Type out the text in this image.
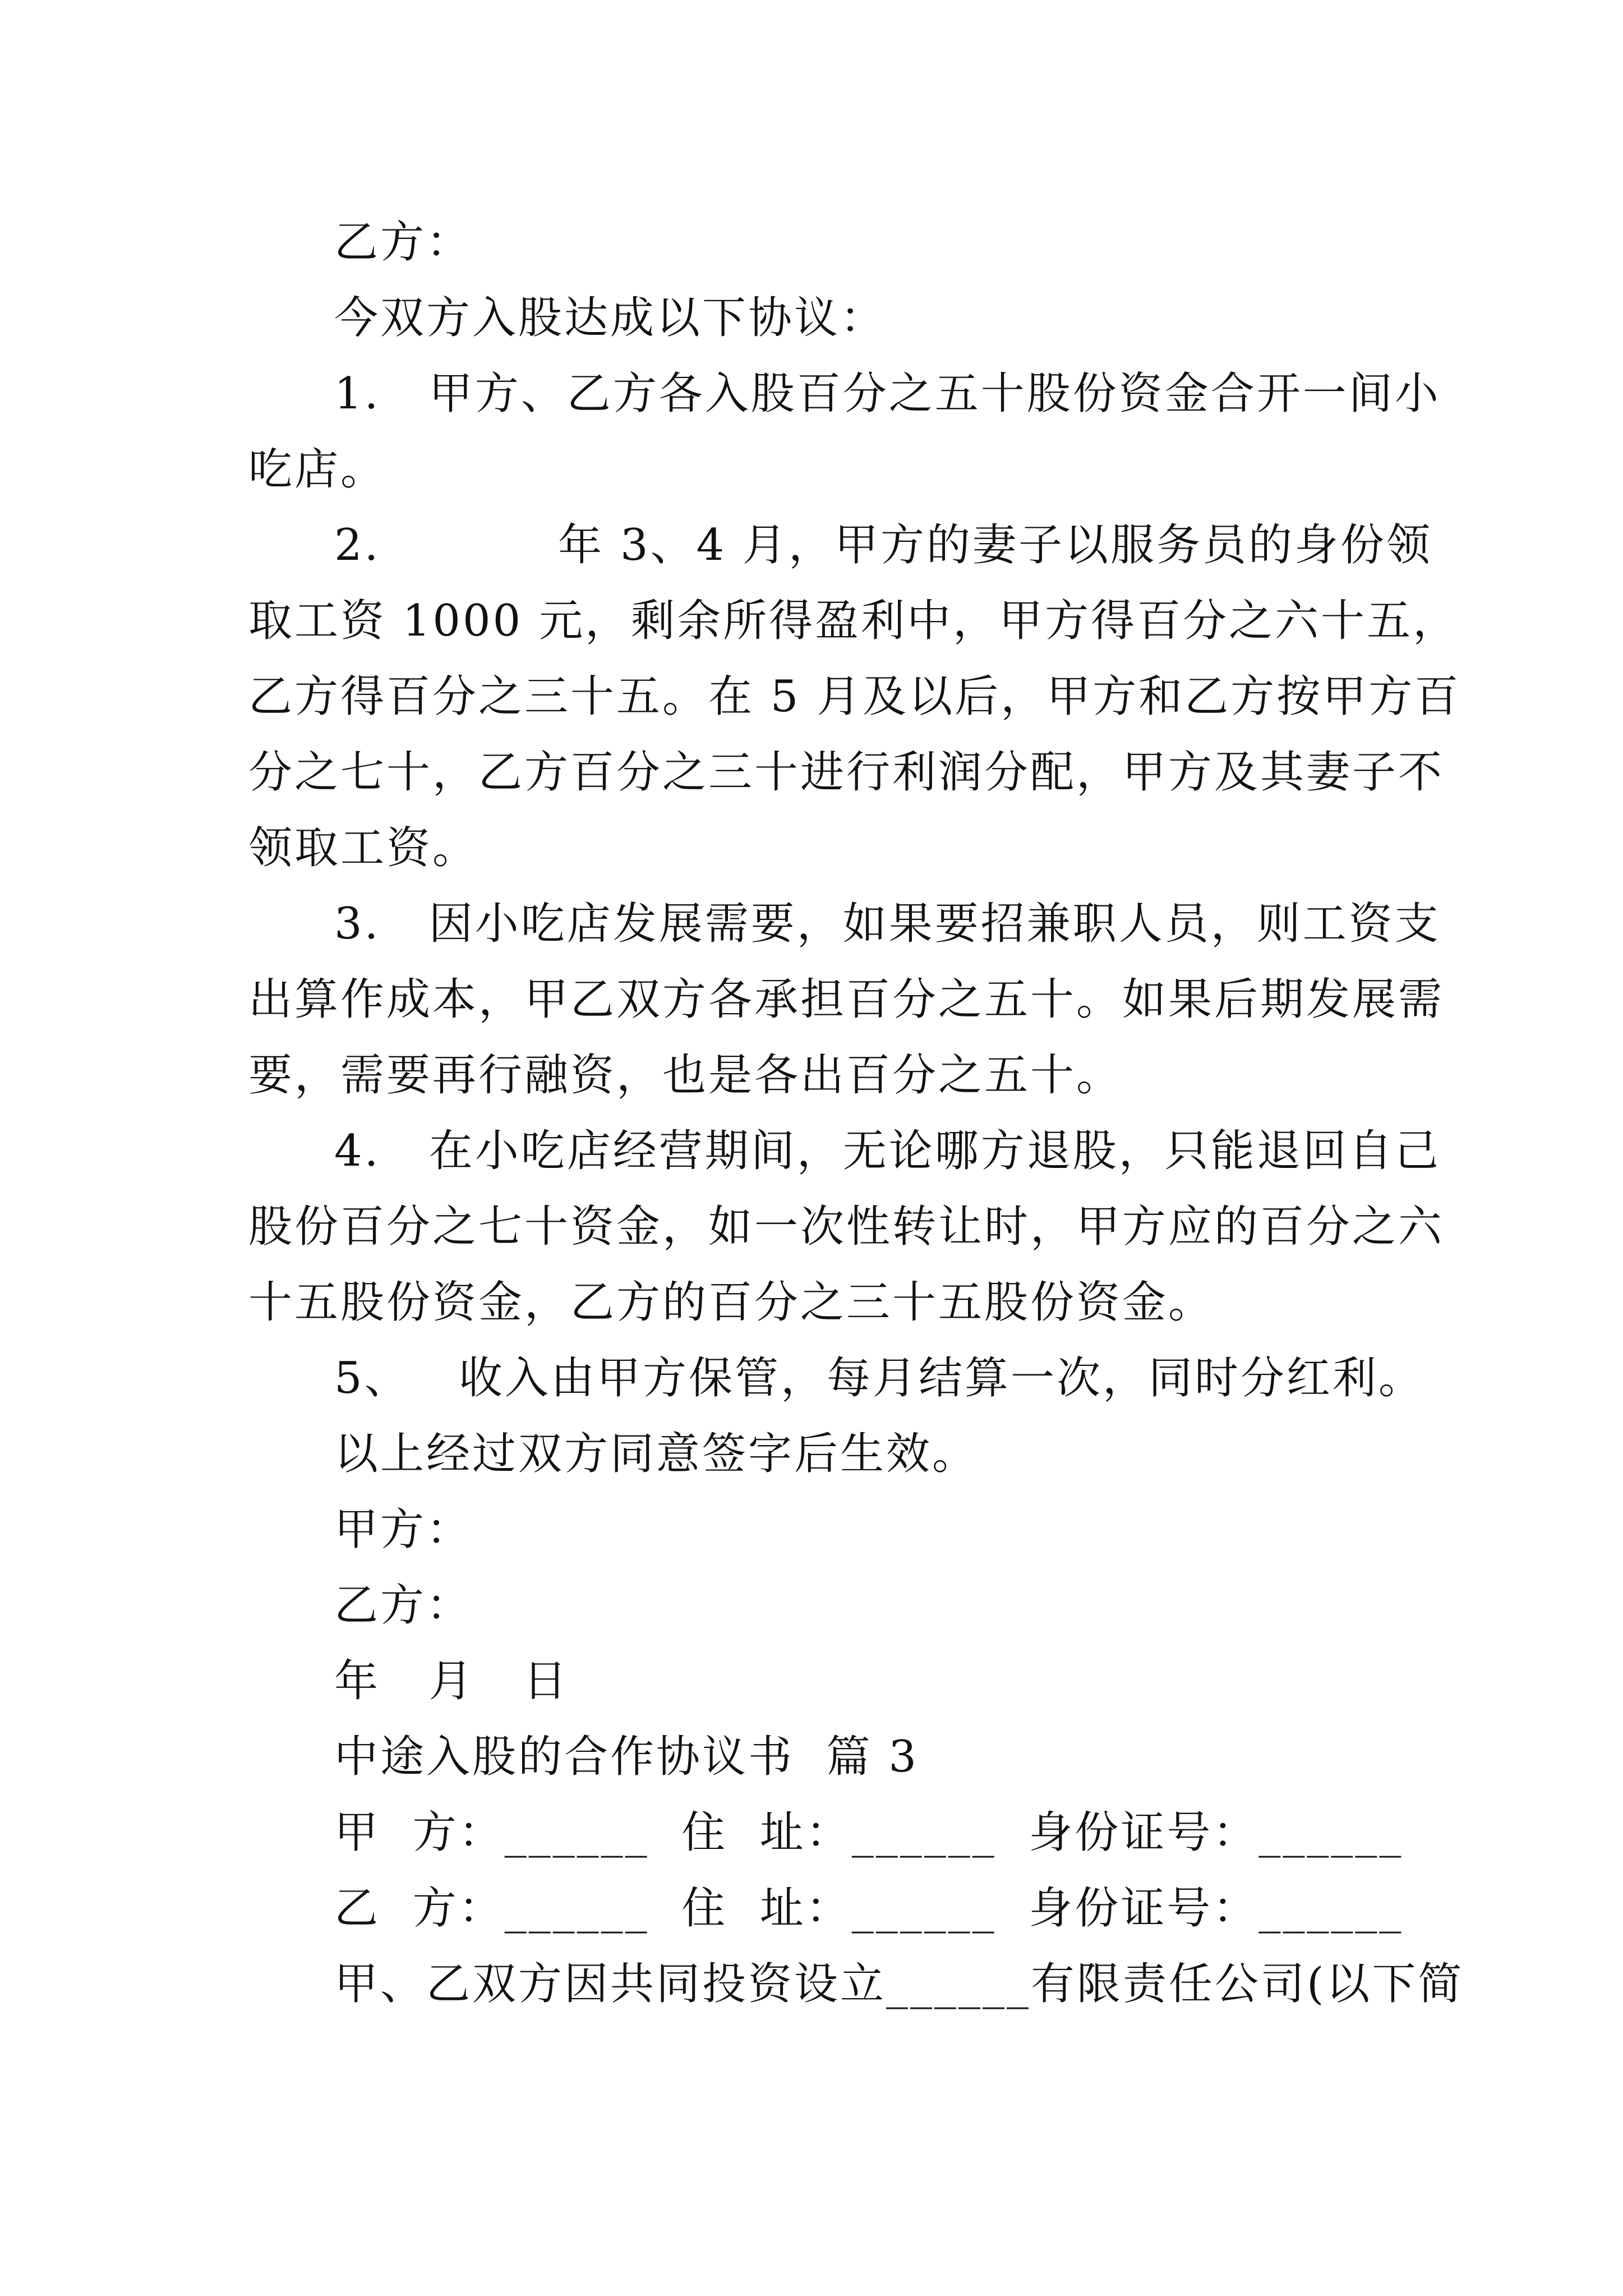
乙方：
今双方入股达成以下协议：
1.   甲方、乙方各入股百分之五十股份资金合开一间小
吃店。
2.           年 3、4 月，甲方的妻子以服务员的身份领
取工资 1000 元，剩余所得盈利中，甲方得百分之六十五，
乙方得百分之三十五。在 5 月及以后，甲方和乙方按甲方百
分之七十，乙方百分之三十进行利润分配，甲方及其妻子不
领取工资。
3.   因小吃店发展需要，如果要招兼职人员，则工资支
出算作成本，甲乙双方各承担百分之五十。如果后期发展需
要，需要再行融资，也是各出百分之五十。
4.   在小吃店经营期间，无论哪方退股，只能退回自己
股份百分之七十资金，如一次性转让时，甲方应的百分之六
十五股份资金，乙方的百分之三十五股份资金。
5、   收入由甲方保管，每月结算一次，同时分红利。
以上经过双方同意签字后生效。
甲方：
乙方：
年   月   日
中途入股的合作协议书  篇 3
甲  方：______  住  址：______  身份证号：______
乙  方：______  住  址：______  身份证号：______
甲、乙双方因共同投资设立______有限责任公司(以下简
